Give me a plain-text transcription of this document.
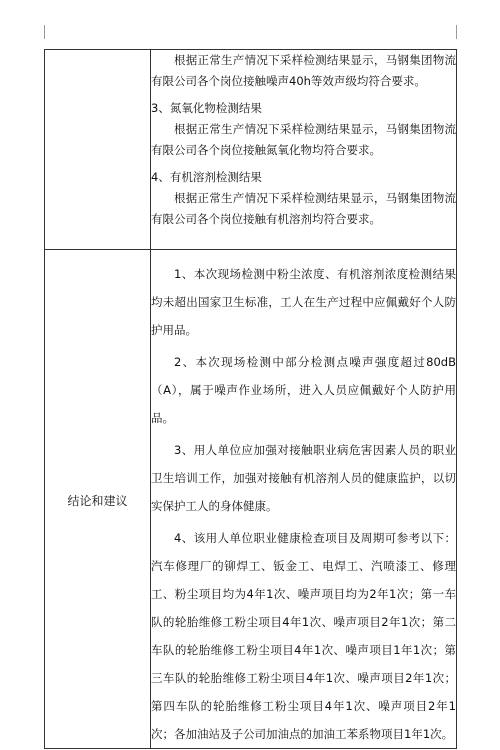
	根据正常生产情况下采样检测结果显示，马钢集团物流有限公司各个岗位接触噪声40h等效声级均符合要求。

3、氮氧化物检测结果

根据正常生产情况下采样检测结果显示，马钢集团物流有限公司各个岗位接触氮氧化物均符合要求。

4、有机溶剂检测结果

根据正常生产情况下采样检测结果显示，马钢集团物流有限公司各个岗位接触有机溶剂均符合要求。

结论和建议	1、本次现场检测中粉尘浓度、有机溶剂浓度检测结果均未超出国家卫生标准，工人在生产过程中应佩戴好个人防护用品。

2、本次现场检测中部分检测点噪声强度超过80dB（A），属于噪声作业场所，进入人员应佩戴好个人防护用品。

3、用人单位应加强对接触职业病危害因素人员的职业卫生培训工作，加强对接触有机溶剂人员的健康监护，以切实保护工人的身体健康。

4、该用人单位职业健康检查项目及周期可参考以下：汽车修理厂的铆焊工、钣金工、电焊工、汽喷漆工、修理工、粉尘项目均为4年1次、噪声项目均为2年1次；第一车队的轮胎维修工粉尘项目4年1次、噪声项目2年1次；第二车队的轮胎维修工粉尘项目4年1次、噪声项目1年1次；第三车队的轮胎维修工粉尘项目4年1次、噪声项目2年1次；第四车队的轮胎维修工粉尘项目4年1次、噪声项目2年1 次；各加油站及子公司加油点的加油工苯系物项目1年1次。
